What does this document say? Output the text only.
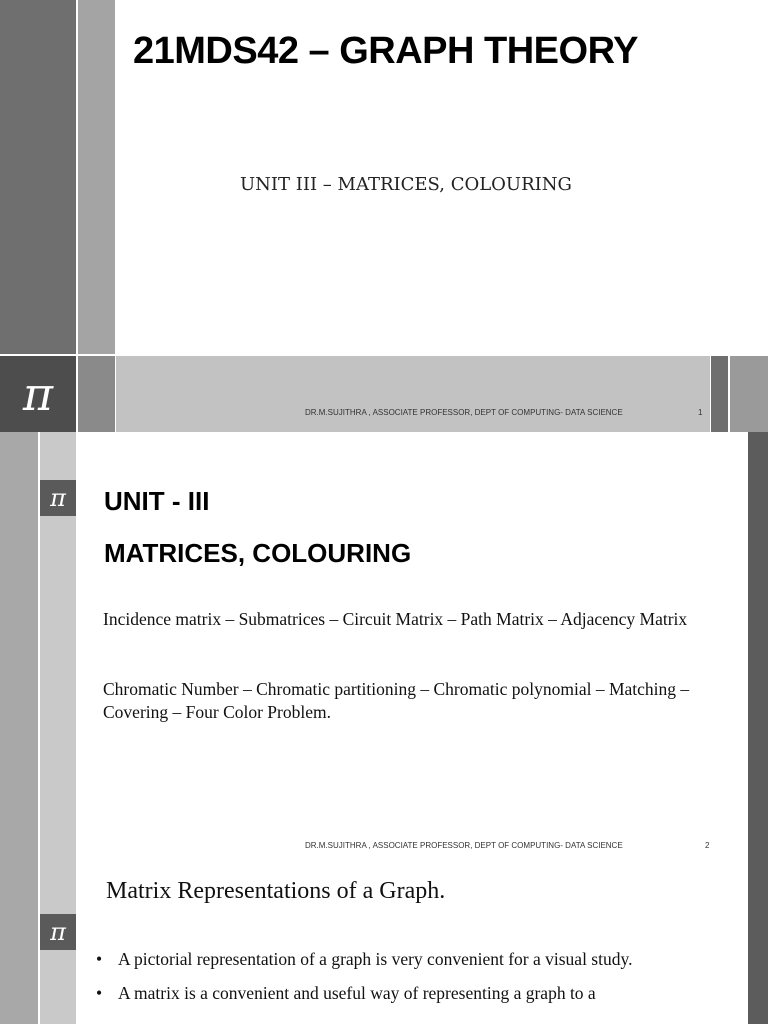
π
21MDS42 – GRAPH THEORY
UNIT III – MATRICES, COLOURING
DR.M.SUJITHRA , ASSOCIATE PROFESSOR, DEPT OF COMPUTING- DATA SCIENCE	1
π	UNIT - III
MATRICES, COLOURING
Incidence matrix – Submatrices – Circuit Matrix – Path Matrix – Adjacency Matrix
Chromatic Number – Chromatic partitioning – Chromatic polynomial – Matching –Covering – Four Color Problem.
DR.M.SUJITHRA , ASSOCIATE PROFESSOR, DEPT OF COMPUTING- DATA SCIENCE	2
π
Matrix Representations of a Graph.
• A pictorial representation of a graph is very convenient for a visual study.
• A matrix is a convenient and useful way of representing a graph to a
